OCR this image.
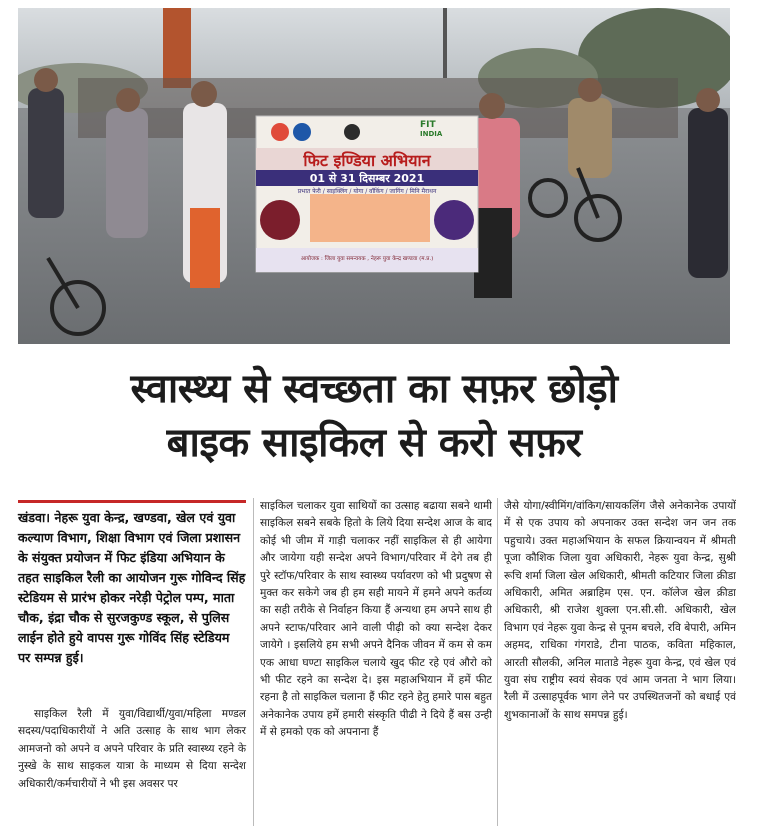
FIT
INDIA
फिट इण्डिया अभियान
01 से 31 दिसम्बर 2021
प्रभात फेरी / साइक्लिंग / योगा / वॉकिंग / जागिंग / मिनि मैराथन
आयोजक : जिला युवा समन्वयक , नेहरू युवा केन्द्र खण्डवा (म.प्र.)
स्वास्थ्य से स्वच्छता का सफ़र छोड़ो
बाइक साइकिल से करो सफ़र
खंडवा। नेहरू युवा केन्द्र, खण्डवा, खेल एवं युवा कल्याण विभाग, शिक्षा विभाग एवं जिला प्रशासन के संयुक्त प्रयोजन में फिट इंडिया अभियान के तहत साइकिल रैली का आयोजन गुरू गोविन्द सिंह स्टेडियम से प्रारंभ होकर नरेड़ी पेट्रोल पम्प, माता चौक, इंद्रा चौक से सुरजकुण्ड स्कूल, से पुलिस लाईन होते हुये वापस गुरू गोविंद सिंह स्टेडियम पर सम्पन्न हुई।
साइकिल रैली में युवा/विद्यार्थी/युवा/महिला मण्डल सदस्य/पदाधिकारीयों ने अति उत्साह के साथ भाग लेकर आमजनो को अपने व अपने परिवार के प्रति स्वास्थ्य रहने के नुस्खे के साथ साइकल यात्रा के माध्यम से दिया सन्देश अधिकारी/कर्मचारीयों ने भी इस अवसर पर
साइकिल चलाकर युवा साथियों का उत्साह बढाया सबने थामी साइकिल सबने सबके हितो के लिये दिया सन्देश आज के बाद कोई भी जीम में गाड़ी चलाकर नहीं साइकिल से ही आयेगा और जायेगा यही सन्देश अपने विभाग/परिवार में देगे तब ही पुरे स्टॉफ/परिवार के साथ स्वास्थ्य पर्यावरण को भी प्रदुषण से मुक्त कर सकेगे जब ही हम सही मायने में हमने अपने कर्तव्य का सही तरीके से निर्वाहन किया हैं अन्यथा हम अपने साथ ही अपने स्टाफ/परिवार आने वाली पीढ़ी को क्या सन्देश देकर जायेगे । इसलिये हम सभी अपने दैनिक जीवन में कम से कम एक आधा घण्टा साइकिल चलाये खुद फीट रहे एवं औरो को भी फीट रहने का सन्देश दे। इस महाअभियान में हमें फीट रहना है तो साइकिल चलाना हैं फीट रहने हेतु हमारे पास बहुत अनेकानेक उपाय हमें हमारी संस्कृति पीढी ने दिये हैं बस उन्ही में से हमको एक को अपनाना हैं
जैसे योगा/स्वीमिंग/वांकिग/सायकलिंग जैसे अनेकानेक उपायों में से एक उपाय को अपनाकर उक्त सन्देश जन जन तक पहुचाये। उक्त महाअभियान के सफल क्रियान्वयन में श्रीमती पूजा कौशिक जिला युवा अधिकारी, नेहरू युवा केन्द्र, सुश्री रूचि शर्मा जिला खेल अधिकारी, श्रीमती कटियार जिला क्रीडा अधिकारी, अमित अब्राहिम एस. एन. कॉलेज खेल क्रीडा अधिकारी, श्री राजेश शुक्ला एन.सी.सी. अधिकारी, खेल विभाग एवं नेहरू युवा केन्द्र से पूनम बचले, रवि बेपारी, अमिन अहमद, राधिका गंगराडे, टीना पाठक, कविता महिकाल, आरती सौलकी, अनिल माताडे नेहरू युवा केन्द्र, एवं खेल एवं युवा संघ राष्ट्रीय स्वयं सेवक एवं आम जनता ने भाग लिया। रैली में उत्साहपूर्वक भाग लेने पर उपस्थितजनों को बधाई एवं शुभकानाओं के साथ समपन्न हुई।
